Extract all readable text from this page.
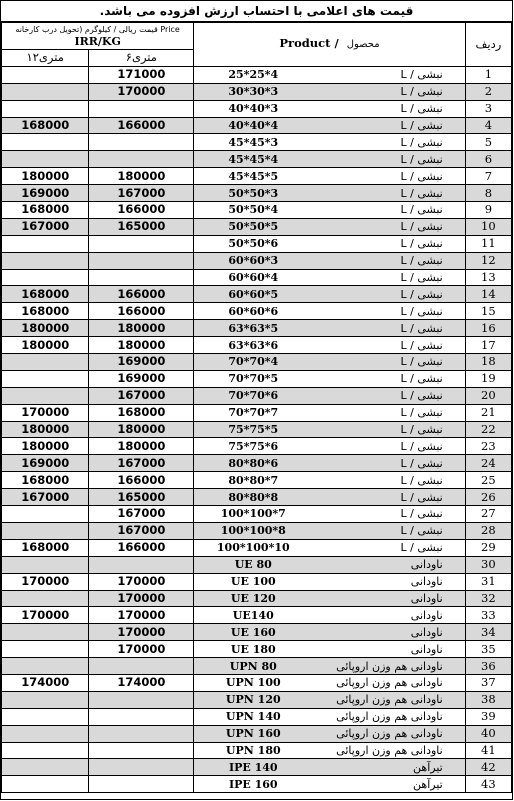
قیمت های اعلامی با احتساب ارزش افزوده می باشد.
قیمت ریالی / کیلوگرم (تحویل درب کارخانه Price
IRR/KG		Product / محصول	ردیف
۱۲متری	۶متری		
	171000	25*25*4 نبشی / L	1
	170000	30*30*3 نبشی / L	2

		40*40*3 نبشی / L	3
168000	166000	40*40*4 نبشی / L	4

		45*45*3 نبشی / L	5

		45*45*4 نبشی / L	6
180000	180000	45*45*5 نبشی / L	7
169000	167000	50*50*3 نبشی / L	8
168000	166000	50*50*4 نبشی / L	9
167000	165000	50*50*5 نبشی / L	10

		50*50*6 نبشی / L	11

		60*60*3 نبشی / L	12

		60*60*4 نبشی / L	13
168000	166000	60*60*5 نبشی / L	14
168000	166000	60*60*6 نبشی / L	15
180000	180000	63*63*5 نبشی / L	16
180000	180000	63*63*6 نبشی / L	17
	169000	70*70*4 نبشی / L	18
	169000	70*70*5 نبشی / L	19
	167000	70*70*6 نبشی / L	20
170000	168000	70*70*7 نبشی / L	21
180000	180000	75*75*5 نبشی / L	22
180000	180000	75*75*6 نبشی / L	23
169000	167000	80*80*6 نبشی / L	24
168000	166000	80*80*7 نبشی / L	25
167000	165000	80*80*8 نبشی / L	26
	167000	100*100*7 نبشی / L	27
	167000	100*100*8 نبشی / L	28
168000	166000	100*100*10 نبشی / L	29

		UE 80 ناودانی	30
170000	170000	UE 100 ناودانی	31
	170000	UE 120 ناودانی	32
170000	170000	UE140 ناودانی	33
	170000	UE 160 ناودانی	34
	170000	UE 180 ناودانی	35

		UPN 80 ناودانی هم وزن اروپائی	36
174000	174000	UPN 100 ناودانی هم وزن اروپائی	37

		UPN 120 ناودانی هم وزن اروپائی	38

		UPN 140 ناودانی هم وزن اروپائی	39

		UPN 160 ناودانی هم وزن اروپائی	40

		UPN 180 ناودانی هم وزن اروپائی	41

		IPE 140 تیرآهن	42

		IPE 160 تیرآهن	43
